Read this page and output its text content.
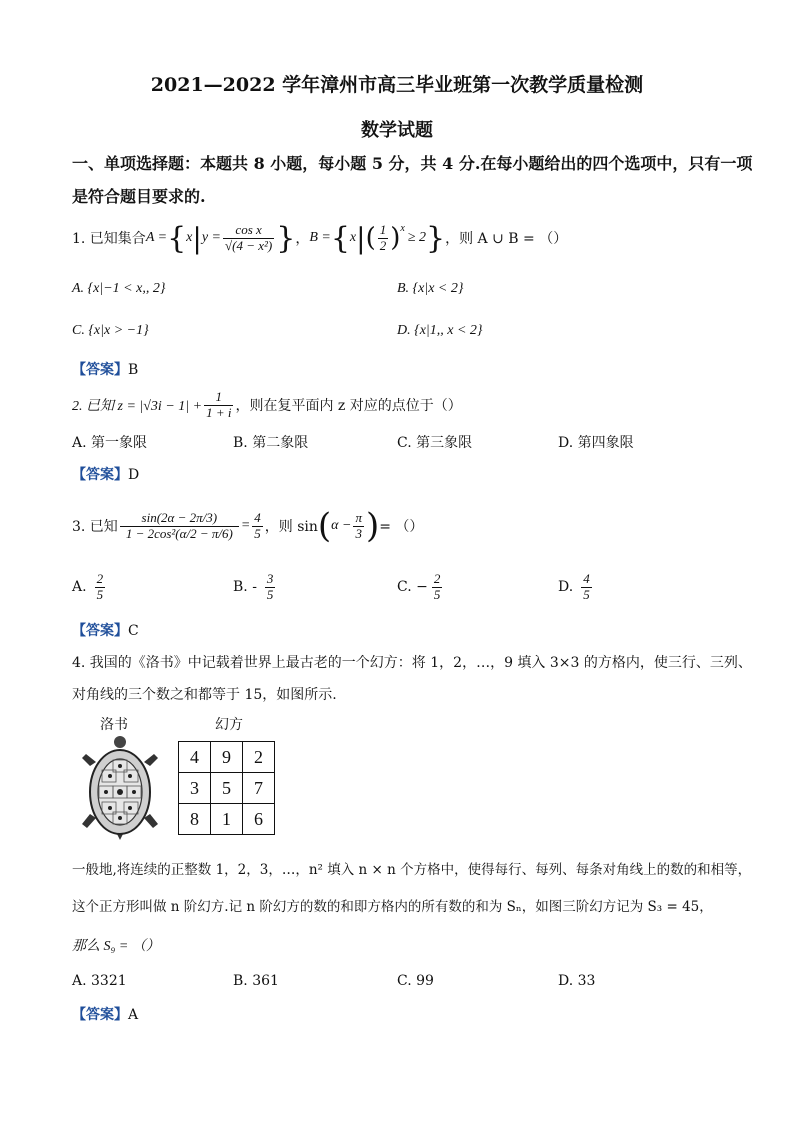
2021—2022 学年漳州市高三毕业班第一次教学质量检测
数学试题
一、单项选择题：本题共 8 小题，每小题 5 分，共 4 分.在每小题给出的四个选项中，只有一项
是符合题目要求的.
1. 已知集合 A = { x | $y = \frac{\text{cos x}}{\text{√(4 − x²)}}$ } ， B = { x | ( $\frac{1}{2} )^x$
≥ 2 } ，则 A ∪ B = （）
A. {x|−1 < x,, 2}	B. {x|x < 2}
C. {x|x > −1}	D. {x|1,, x < 2}
【答案】B
2. 已知 $z = |√3i - 1| + \frac{1}{1 + i}$ ，则在复平面内 z 对应的点位于（）
A. 第一象限	B. 第二象限	C. 第三象限	D. 第四象限
【答案】D
3. 已知 $\frac{\sin(2\alpha - 2\pi/3)}{\text{1 − 2cos²(α/2 − π/6)}} = \frac{4}{5}$ ，则 sin ( $\alpha - \frac{\pi}{3}$ ) = （）
A. $\frac{2}{5}$	B. - $\frac{3}{5}$	C. − $\frac{2}{5}$	D. $\frac{4}{5}$
【答案】C
4. 我国的《洛书》中记载着世界上最古老的一个幻方：将 1，2，…，9 填入 3×3 的方格内，使三行、三列、
对角线的三个数之和都等于 15，如图所示.
洛书	幻方
4	9	2
3	5	7
8	1	6
一般地,将连续的正整数 1，2，3，…，n² 填入 n × n 个方格中，使得每行、每列、每条对角线上的数的和相等，
这个正方形叫做 n 阶幻方.记 n 阶幻方的数的和即方格内的所有数的和为 Sₙ，如图三阶幻方记为 S₃ = 45，
那么 S₉ = （）
A. 3321	B. 361	C. 99	D. 33
【答案】A
